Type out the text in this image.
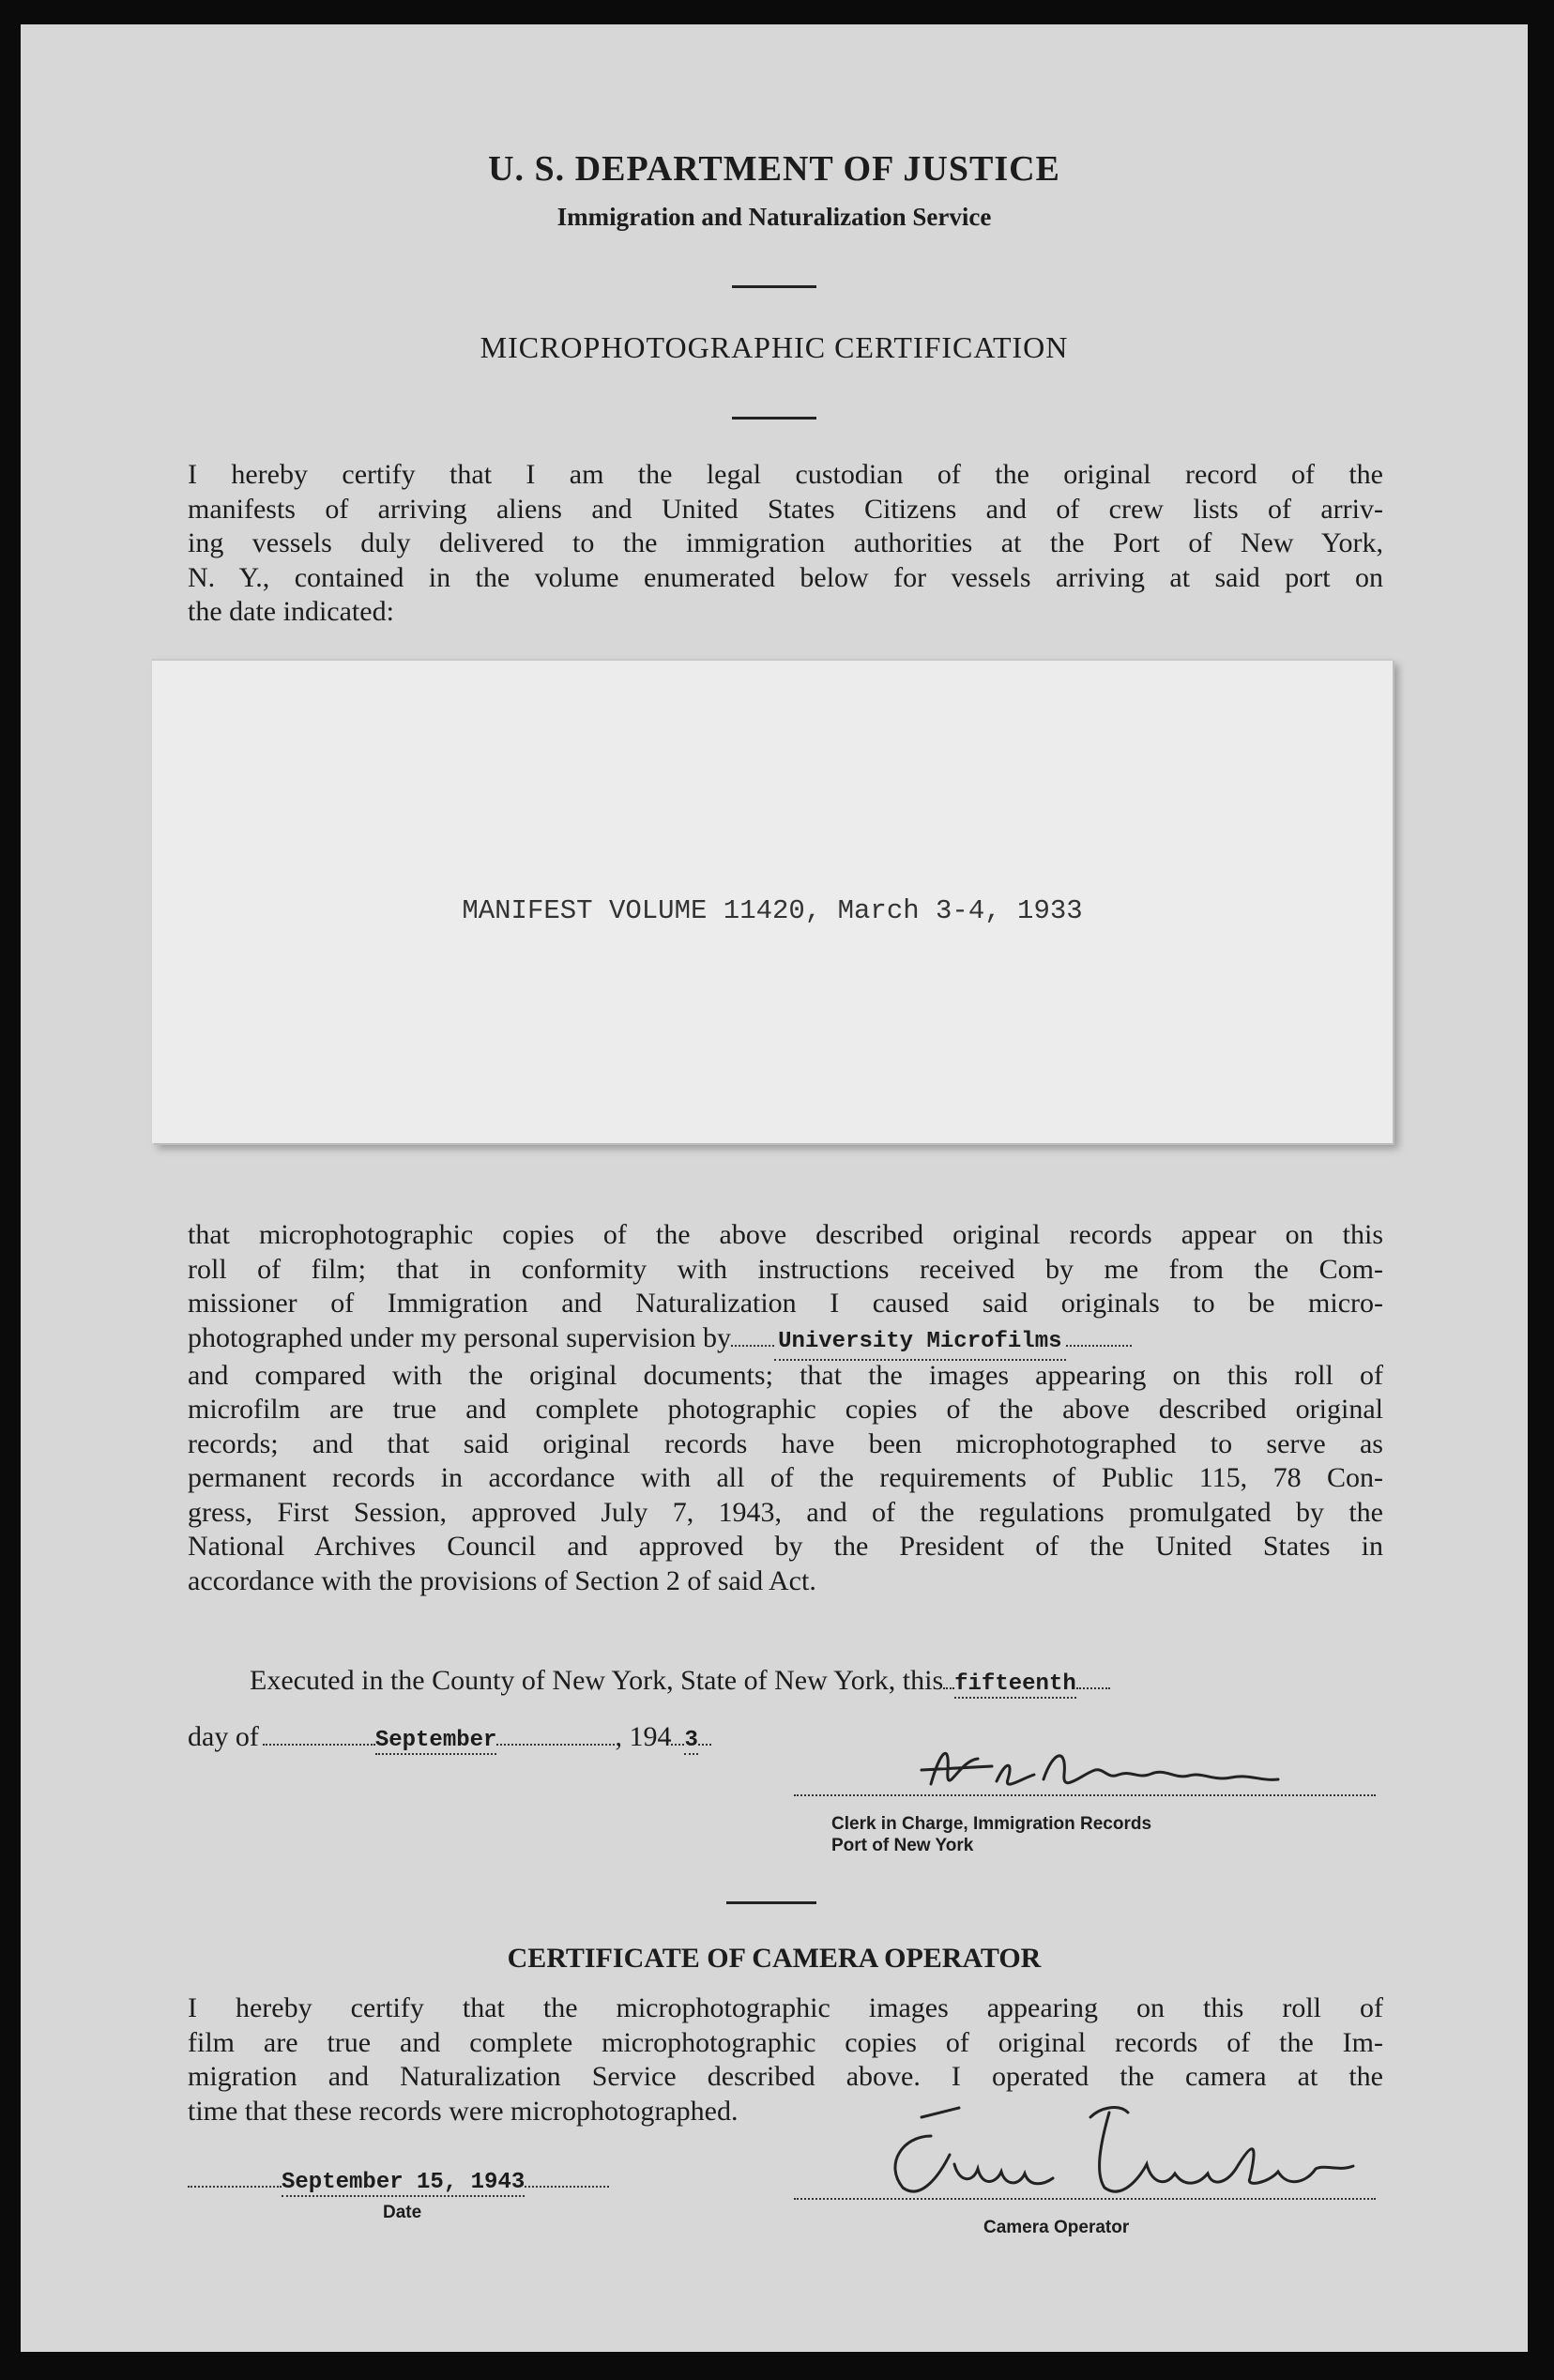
U. S. DEPARTMENT OF JUSTICE
Immigration and Naturalization Service
MICROPHOTOGRAPHIC CERTIFICATION
I hereby certify that I am the legal custodian of the original record of the
manifests of arriving aliens and United States Citizens and of crew lists of arriv-
ing vessels duly delivered to the immigration authorities at the Port of New York,
N. Y., contained in the volume enumerated below for vessels arriving at said port on
the date indicated:
MANIFEST VOLUME 11420, March 3-4, 1933
that microphotographic copies of the above described original records appear on this
roll of film; that in conformity with instructions received by me from the Com-
missioner of Immigration and Naturalization I caused said originals to be micro-
photographed under my personal supervision by University Microfilms
and compared with the original documents; that the images appearing on this roll of
microfilm are true and complete photographic copies of the above described original
records; and that said original records have been microphotographed to serve as
permanent records in accordance with all of the requirements of Public 115, 78 Con-
gress, First Session, approved July 7, 1943, and of the regulations promulgated by the
National Archives Council and approved by the President of the United States in
accordance with the provisions of Section 2 of said Act.
Executed in the County of New York, State of New York, this fifteenth
day of	September	, 194 3
Clerk in Charge, Immigration Records
Port of New York
CERTIFICATE OF CAMERA OPERATOR
I hereby certify that the microphotographic images appearing on this roll of
film are true and complete microphotographic copies of original records of the Im-
migration and Naturalization Service described above. I operated the camera at the
time that these records were microphotographed.
September 15, 1943
Date
Camera Operator
